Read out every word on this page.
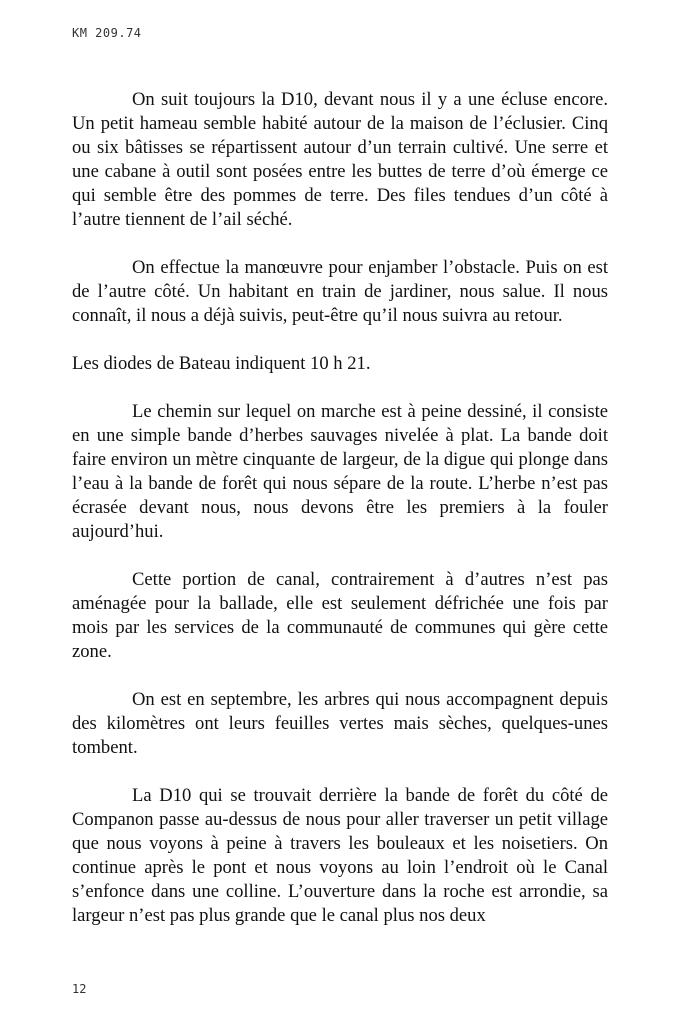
KM 209.74

On suit toujours la D10, devant nous il y a une écluse encore. Un petit hameau semble habité autour de la maison de l’éclusier. Cinq ou six bâtisses se répartissent autour d’un terrain cultivé. Une serre et une cabane à outil sont posées entre les buttes de terre d’où émerge ce qui semble être des pommes de terre. Des files tendues d’un côté à l’autre tiennent de l’ail séché.

On effectue la manœuvre pour enjamber l’obstacle. Puis on est de l’autre côté. Un habitant en train de jardiner, nous salue. Il nous connaît, il nous a déjà suivis, peut-être qu’il nous suivra au retour.

Les diodes de Bateau indiquent 10 h 21.

Le chemin sur lequel on marche est à peine dessiné, il consiste en une simple bande d’herbes sauvages nivelée à plat. La bande doit faire environ un mètre cinquante de largeur, de la digue qui plonge dans l’eau à la bande de forêt qui nous sépare de la route. L’herbe n’est pas écrasée devant nous, nous devons être les premiers à la fouler aujourd’hui.

Cette portion de canal, contrairement à d’autres n’est pas aménagée pour la ballade, elle est seulement défrichée une fois par mois par les services de la communauté de communes qui gère cette zone.

On est en septembre, les arbres qui nous accompagnent depuis des kilomètres ont leurs feuilles vertes mais sèches, quelques-unes tombent.

La D10 qui se trouvait derrière la bande de forêt du côté de Companon passe au-dessus de nous pour aller traverser un petit village que nous voyons à peine à travers les bouleaux et les noisetiers. On continue après le pont et nous voyons au loin l’endroit où le Canal s’enfonce dans une colline. L’ouverture dans la roche est arrondie, sa largeur n’est pas plus grande que le canal plus nos deux

12
